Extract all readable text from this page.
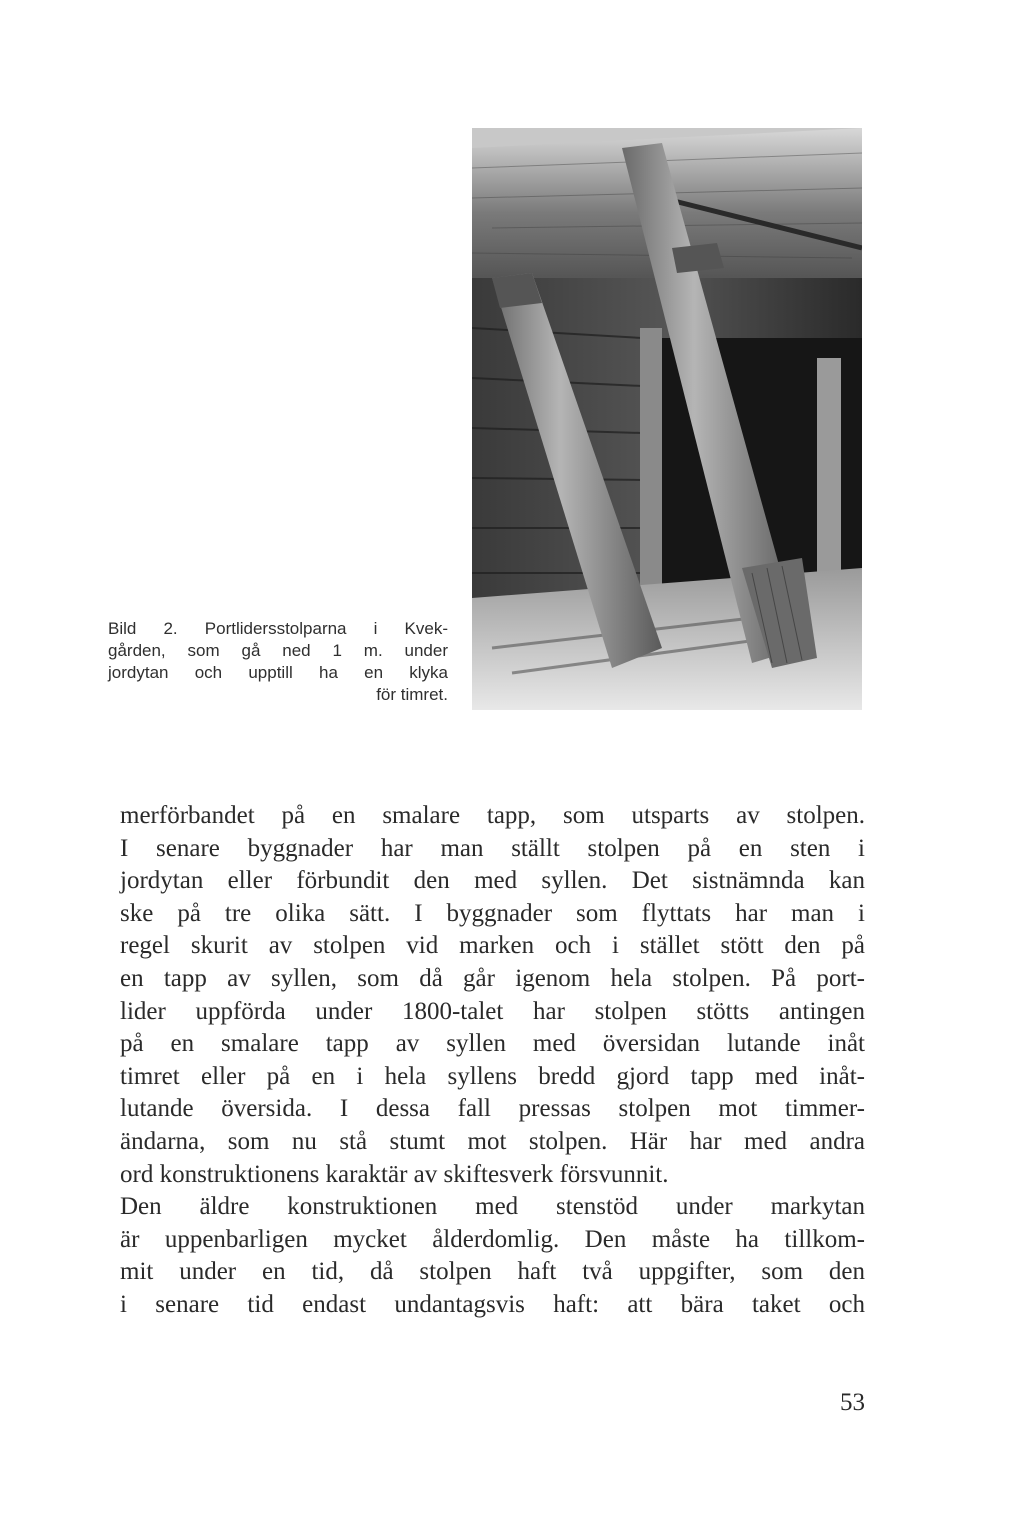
Bild 2. Portlidersstolparna i Kvek-
gården, som gå ned 1 m. under
jordytan och upptill ha en klyka
för timret.
merförbandet på en smalare tapp, som utsparts av stolpen.
I senare byggnader har man ställt stolpen på en sten i
jordytan eller förbundit den med syllen. Det sistnämnda kan
ske på tre olika sätt. I byggnader som flyttats har man i
regel skurit av stolpen vid marken och i stället stött den på
en tapp av syllen, som då går igenom hela stolpen. På port-
lider uppförda under 1800-talet har stolpen stötts antingen
på en smalare tapp av syllen med översidan lutande inåt
timret eller på en i hela syllens bredd gjord tapp med inåt-
lutande översida. I dessa fall pressas stolpen mot timmer-
ändarna, som nu stå stumt mot stolpen. Här har med andra
ord konstruktionens karaktär av skiftesverk försvunnit.
Den äldre konstruktionen med stenstöd under markytan
är uppenbarligen mycket ålderdomlig. Den måste ha tillkom-
mit under en tid, då stolpen haft två uppgifter, som den
i senare tid endast undantagsvis haft: att bära taket och
53
